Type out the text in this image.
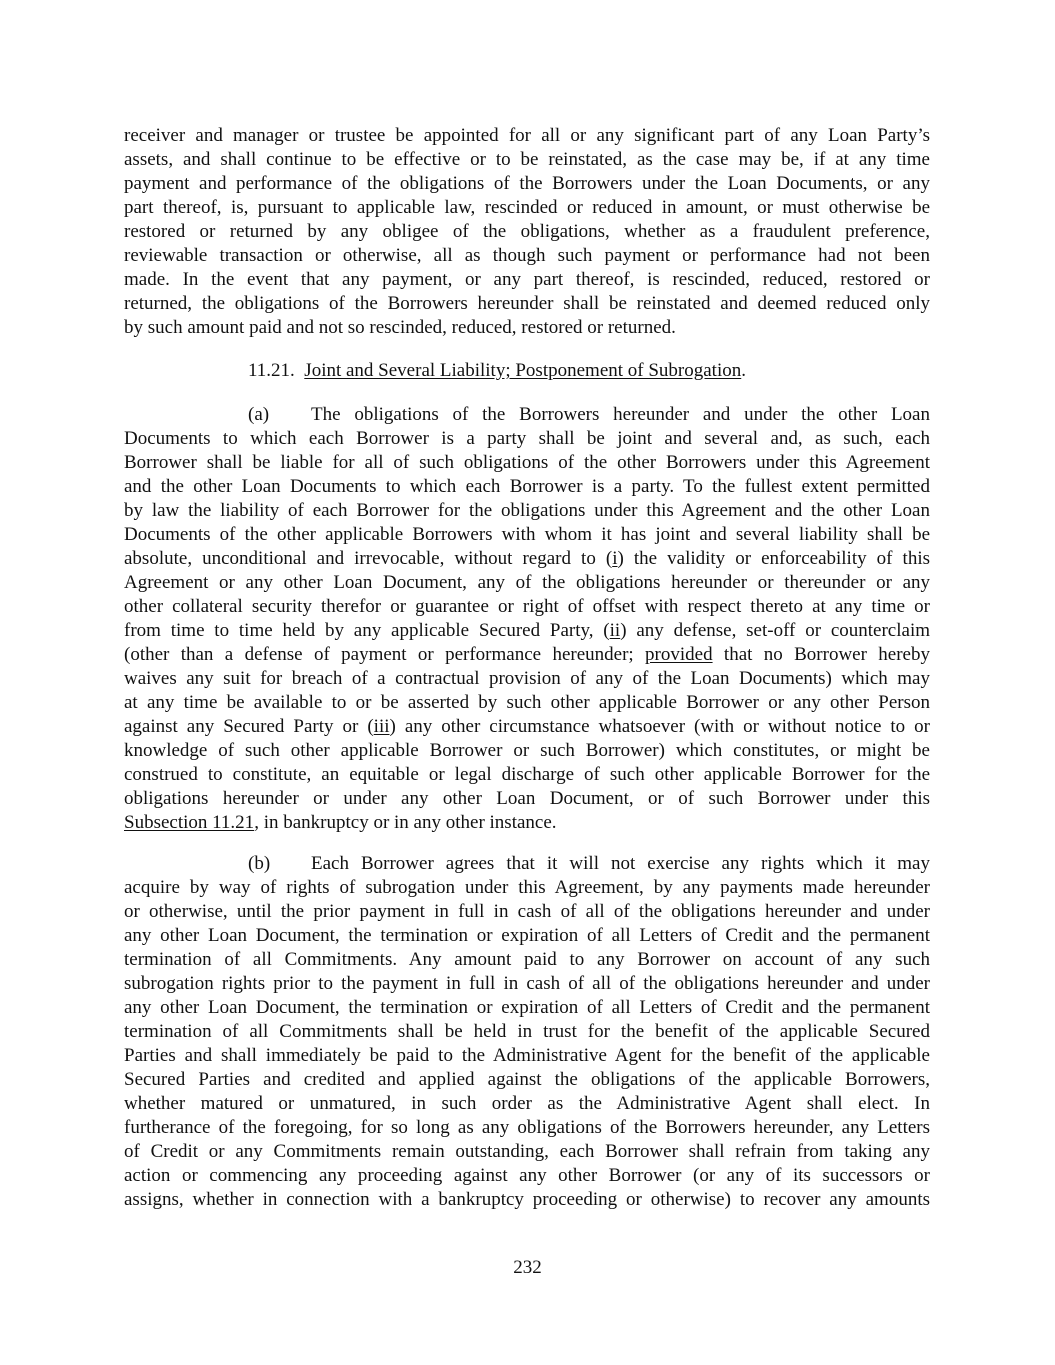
receiver and manager or trustee be appointed for all or any significant part of any Loan Party’s
assets, and shall continue to be effective or to be reinstated, as the case may be, if at any time
payment and performance of the obligations of the Borrowers under the Loan Documents, or any
part thereof, is, pursuant to applicable law, rescinded or reduced in amount, or must otherwise be
restored or returned by any obligee of the obligations, whether as a fraudulent preference,
reviewable transaction or otherwise, all as though such payment or performance had not been
made. In the event that any payment, or any part thereof, is rescinded, reduced, restored or
returned, the obligations of the Borrowers hereunder shall be reinstated and deemed reduced only
by such amount paid and not so rescinded, reduced, restored or returned.
11.21. Joint and Several Liability; Postponement of Subrogation.
(a) The obligations of the Borrowers hereunder and under the other Loan
Documents to which each Borrower is a party shall be joint and several and, as such, each
Borrower shall be liable for all of such obligations of the other Borrowers under this Agreement
and the other Loan Documents to which each Borrower is a party. To the fullest extent permitted
by law the liability of each Borrower for the obligations under this Agreement and the other Loan
Documents of the other applicable Borrowers with whom it has joint and several liability shall be
absolute, unconditional and irrevocable, without regard to (i) the validity or enforceability of this
Agreement or any other Loan Document, any of the obligations hereunder or thereunder or any
other collateral security therefor or guarantee or right of offset with respect thereto at any time or
from time to time held by any applicable Secured Party, (ii) any defense, set-off or counterclaim
(other than a defense of payment or performance hereunder; provided that no Borrower hereby
waives any suit for breach of a contractual provision of any of the Loan Documents) which may
at any time be available to or be asserted by such other applicable Borrower or any other Person
against any Secured Party or (iii) any other circumstance whatsoever (with or without notice to or
knowledge of such other applicable Borrower or such Borrower) which constitutes, or might be
construed to constitute, an equitable or legal discharge of such other applicable Borrower for the
obligations hereunder or under any other Loan Document, or of such Borrower under this
Subsection 11.21, in bankruptcy or in any other instance.
(b) Each Borrower agrees that it will not exercise any rights which it may
acquire by way of rights of subrogation under this Agreement, by any payments made hereunder
or otherwise, until the prior payment in full in cash of all of the obligations hereunder and under
any other Loan Document, the termination or expiration of all Letters of Credit and the permanent
termination of all Commitments. Any amount paid to any Borrower on account of any such
subrogation rights prior to the payment in full in cash of all of the obligations hereunder and under
any other Loan Document, the termination or expiration of all Letters of Credit and the permanent
termination of all Commitments shall be held in trust for the benefit of the applicable Secured
Parties and shall immediately be paid to the Administrative Agent for the benefit of the applicable
Secured Parties and credited and applied against the obligations of the applicable Borrowers,
whether matured or unmatured, in such order as the Administrative Agent shall elect. In
furtherance of the foregoing, for so long as any obligations of the Borrowers hereunder, any Letters
of Credit or any Commitments remain outstanding, each Borrower shall refrain from taking any
action or commencing any proceeding against any other Borrower (or any of its successors or
assigns, whether in connection with a bankruptcy proceeding or otherwise) to recover any amounts
232
